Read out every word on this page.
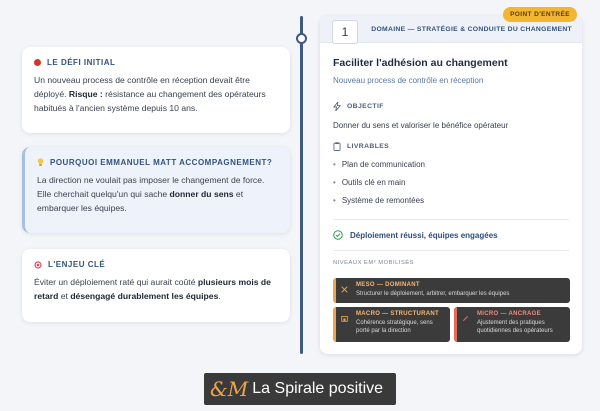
LE DÉFI INITIAL
Un nouveau process de contrôle en réception devait être déployé. Risque : résistance au changement des opérateurs habitués à l'ancien système depuis 10 ans.
POURQUOI EMMANUEL MATT ACCOMPAGNEMENT?
La direction ne voulait pas imposer le changement de force. Elle cherchait quelqu'un qui sache donner du sens et embarquer les équipes.
L'ENJEU CLÉ
Éviter un déploiement raté qui aurait coûté plusieurs mois de retard et désengagé durablement les équipes.
1	DOMAINE — STRATÉGIE & CONDUITE DU CHANGEMENT
Faciliter l'adhésion au changement
Nouveau process de contrôle en réception
OBJECTIF
Donner du sens et valoriser le bénéfice opérateur
LIVRABLES
• Plan de communication
• Outils clé en main
• Système de remontées
Déploiement réussi, équipes engagées
NIVEAUX EM² MOBILISÉS
MESO — DOMINANT
Structurer le déploiement, arbitrer, embarquer les équipes
MACRO — STRUCTURANT
Cohérence stratégique, sens porté par la direction
MICRO — ANCRAGE
Ajustement des pratiques quotidiennes des opérateurs
POINT D'ENTRÉE
&M La Spirale positive
